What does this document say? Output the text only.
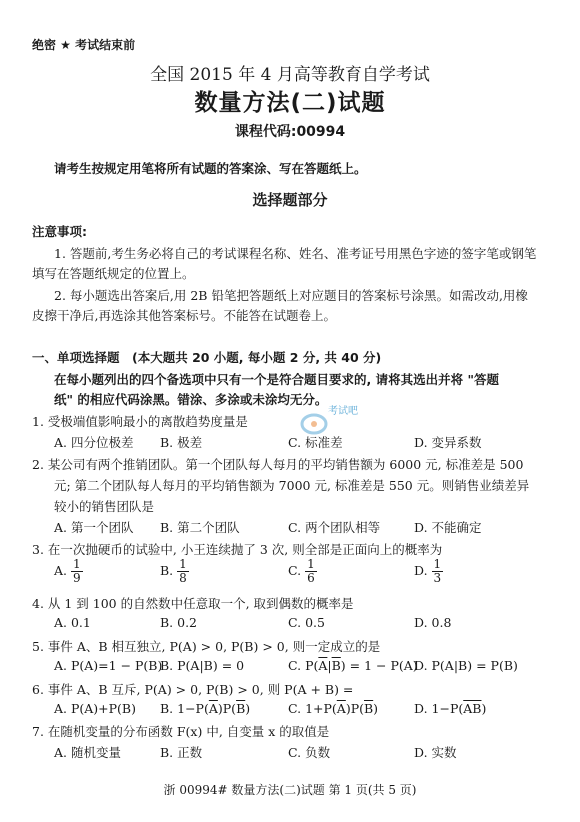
绝密 ★ 考试结束前
全国 2015 年 4 月高等教育自学考试
数量方法(二)试题
课程代码:00994
请考生按规定用笔将所有试题的答案涂、写在答题纸上。
选择题部分
注意事项:
1. 答题前,考生务必将自己的考试课程名称、姓名、准考证号用黑色字迹的签字笔或钢笔
填写在答题纸规定的位置上。
2. 每小题选出答案后,用 2B 铅笔把答题纸上对应题目的答案标号涂黑。如需改动,用橡
皮擦干净后,再选涂其他答案标号。不能答在试题卷上。
一、单项选择题　(本大题共 20 小题, 每小题 2 分, 共 40 分)
在每小题列出的四个备选项中只有一个是符合题目要求的, 请将其选出并将 "答题
纸" 的相应代码涂黑。错涂、多涂或未涂均无分。
考试吧
1. 受极端值影响最小的离散趋势度量是
A. 四分位极差 B. 极差	C. 标准差	D. 变异系数
2. 某公司有两个推销团队。第一个团队每人每月的平均销售额为 6000 元, 标准差是 500
元; 第二个团队每人每月的平均销售额为 7000 元, 标准差是 550 元。则销售业绩差异
较小的销售团队是
A. 第一个团队 B. 第二个团队	C. 两个团队相等	D. 不能确定
3. 在一次抛硬币的试验中, 小王连续抛了 3 次, 则全部是正面向上的概率为
A. $\frac{1}{9}$	B. $\frac{1}{8}$	C. $\frac{1}{6}$	D. $\frac{1}{3}$
4. 从 1 到 100 的自然数中任意取一个, 取到偶数的概率是
A. 0.1	B. 0.2	C. 0.5	D. 0.8
5. 事件 A、B 相互独立, P(A) > 0, P(B) > 0, 则一定成立的是
A. P(A)=1 − P(B)
B. P(A|B) = 0	C. $P(\overline{A}|\overline{B}) = 1 - P(A)$
D. P(A|B) = P(B)
6. 事件 A、B 互斥, P(A) > 0, P(B) > 0, 则 P(A + B) =
A. P(A)+P(B) B. $1-P(\overline{A})P(\overline{B})$	C. $1+P(\overline{A})P(\overline{B})$	D. $1-P(\overline{AB})$
7. 在随机变量的分布函数 F(x) 中, 自变量 x 的取值是
A. 随机变量	B. 正数	C. 负数	D. 实数
浙 00994# 数量方法(二)试题 第 1 页(共 5 页)
